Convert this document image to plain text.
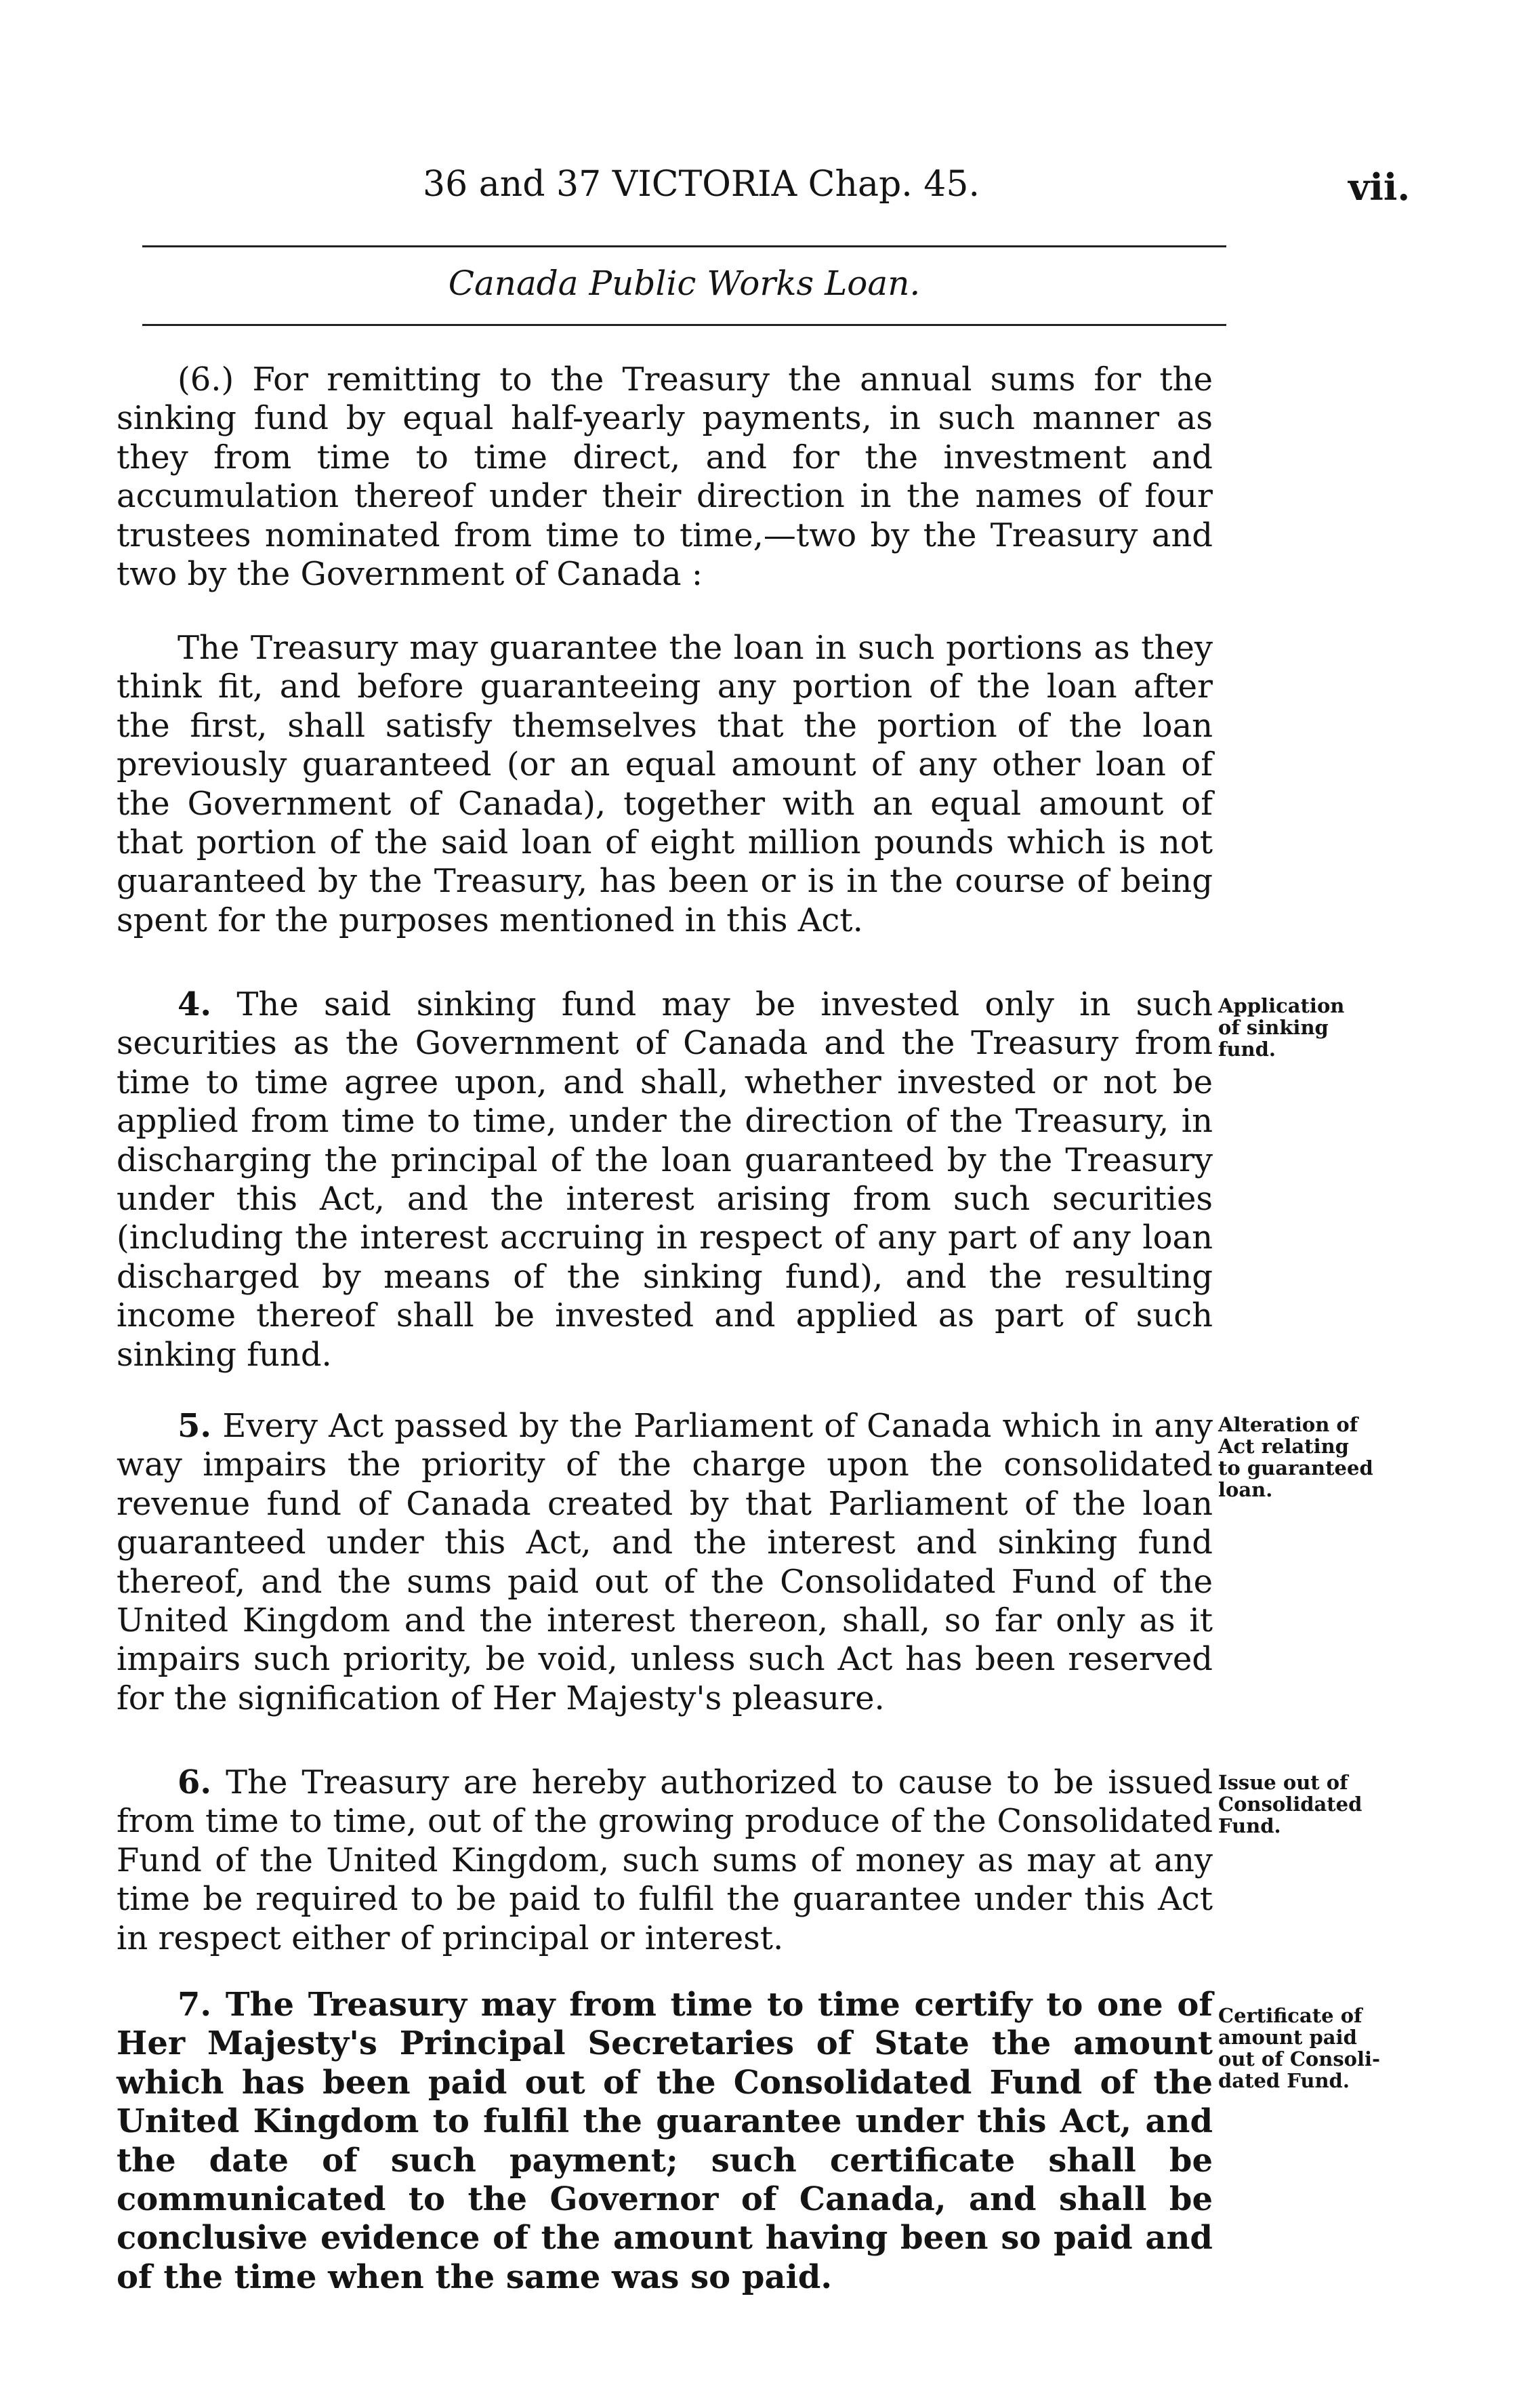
36 and 37 VICTORIA Chap. 45.	vii.
Canada Public Works Loan.
(6.) For remitting to the Treasury the annual sums for the sinking fund by equal half-yearly payments, in such manner as they from time to time direct, and for the investment and accumulation thereof under their direction in the names of four trustees nominated from time to time,—two by the Treasury and two by the Government of Canada :
The Treasury may guarantee the loan in such portions as they think fit, and before guaranteeing any portion of the loan after the first, shall satisfy themselves that the portion of the loan previously guaranteed (or an equal amount of any other loan of the Government of Canada), together with an equal amount of that portion of the said loan of eight million pounds which is not guaranteed by the Treasury, has been or is in the course of being spent for the purposes mentioned in this Act.
4. The said sinking fund may be invested only in such securities as the Government of Canada and the Treasury from time to time agree upon, and shall, whether invested or not be applied from time to time, under the direction of the Treasury, in discharging the principal of the loan guaranteed by the Treasury under this Act, and the interest arising from such securities (including the interest accruing in respect of any part of any loan discharged by means of the sinking fund), and the resulting income thereof shall be invested and applied as part of such sinking fund.
Application
of sinking
fund.
5. Every Act passed by the Parliament of Canada which in any way impairs the priority of the charge upon the consolidated revenue fund of Canada created by that Parliament of the loan guaranteed under this Act, and the interest and sinking fund thereof, and the sums paid out of the Consolidated Fund of the United Kingdom and the interest thereon, shall, so far only as it impairs such priority, be void, unless such Act has been reserved for the signification of Her Majesty's pleasure.
Alteration of
Act relating
to guaranteed
loan.
6. The Treasury are hereby authorized to cause to be issued from time to time, out of the growing produce of the Consolidated Fund of the United Kingdom, such sums of money as may at any time be required to be paid to fulfil the guarantee under this Act in respect either of principal or interest.
Issue out of
Consolidated
Fund.
7. The Treasury may from time to time certify to one of Her Majesty's Principal Secretaries of State the amount which has been paid out of the Consolidated Fund of the United Kingdom to fulfil the guarantee under this Act, and the date of such payment; such certificate shall be communicated to the Governor of Canada, and shall be conclusive evidence of the amount having been so paid and of the time when the same was so paid.
Certificate of
amount paid
out of Consoli-
dated Fund.
